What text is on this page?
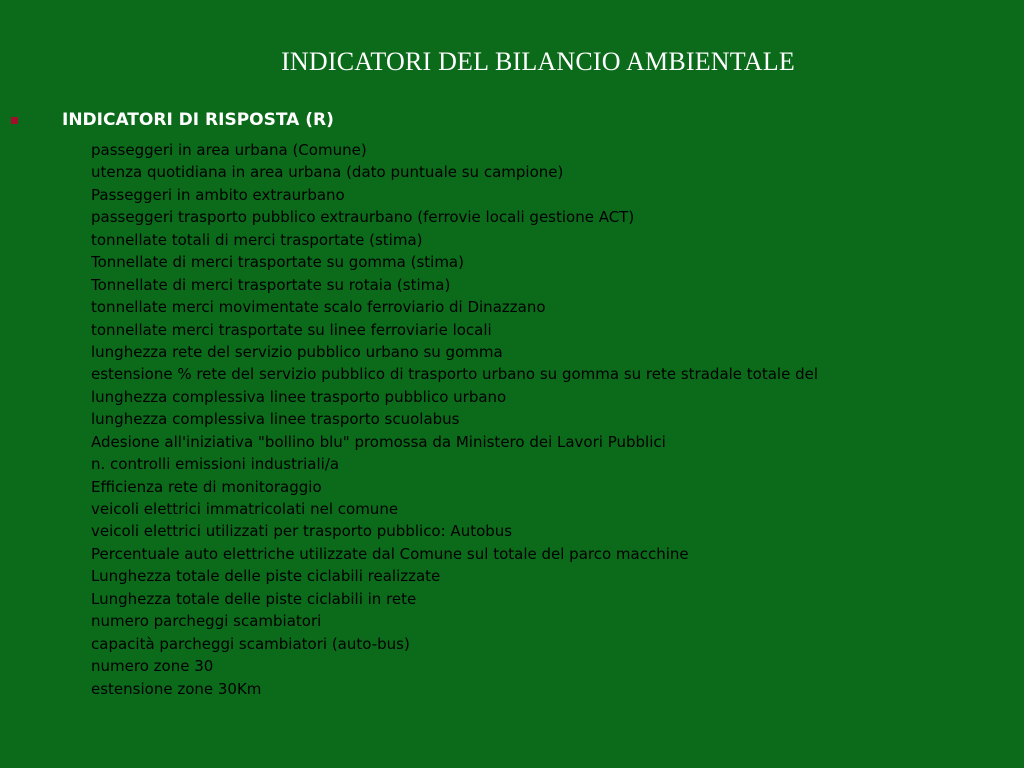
INDICATORI DEL BILANCIO AMBIENTALE
INDICATORI DI RISPOSTA (R)
passeggeri in area urbana (Comune)
utenza quotidiana in area urbana (dato puntuale su campione)
Passeggeri in ambito extraurbano
passeggeri trasporto pubblico extraurbano (ferrovie locali gestione ACT)
tonnellate totali di merci trasportate (stima)
Tonnellate di merci trasportate su gomma (stima)
Tonnellate di merci trasportate su rotaia (stima)
tonnellate merci movimentate scalo ferroviario di Dinazzano
tonnellate merci trasportate su linee ferroviarie locali
lunghezza rete del servizio pubblico urbano su gomma
estensione % rete del servizio pubblico di trasporto urbano su gomma su rete stradale totale del
lunghezza complessiva linee trasporto pubblico urbano
lunghezza complessiva linee trasporto scuolabus
Adesione all'iniziativa "bollino blu" promossa da Ministero dei Lavori Pubblici
n. controlli emissioni industriali/a
Efficienza rete di monitoraggio
veicoli elettrici immatricolati nel comune
veicoli elettrici utilizzati per trasporto pubblico: Autobus
Percentuale auto elettriche utilizzate dal Comune sul totale del parco macchine
Lunghezza totale delle piste ciclabili realizzate
Lunghezza totale delle piste ciclabili in rete
numero parcheggi scambiatori
capacità parcheggi scambiatori (auto-bus)
numero zone 30
estensione zone 30Km
